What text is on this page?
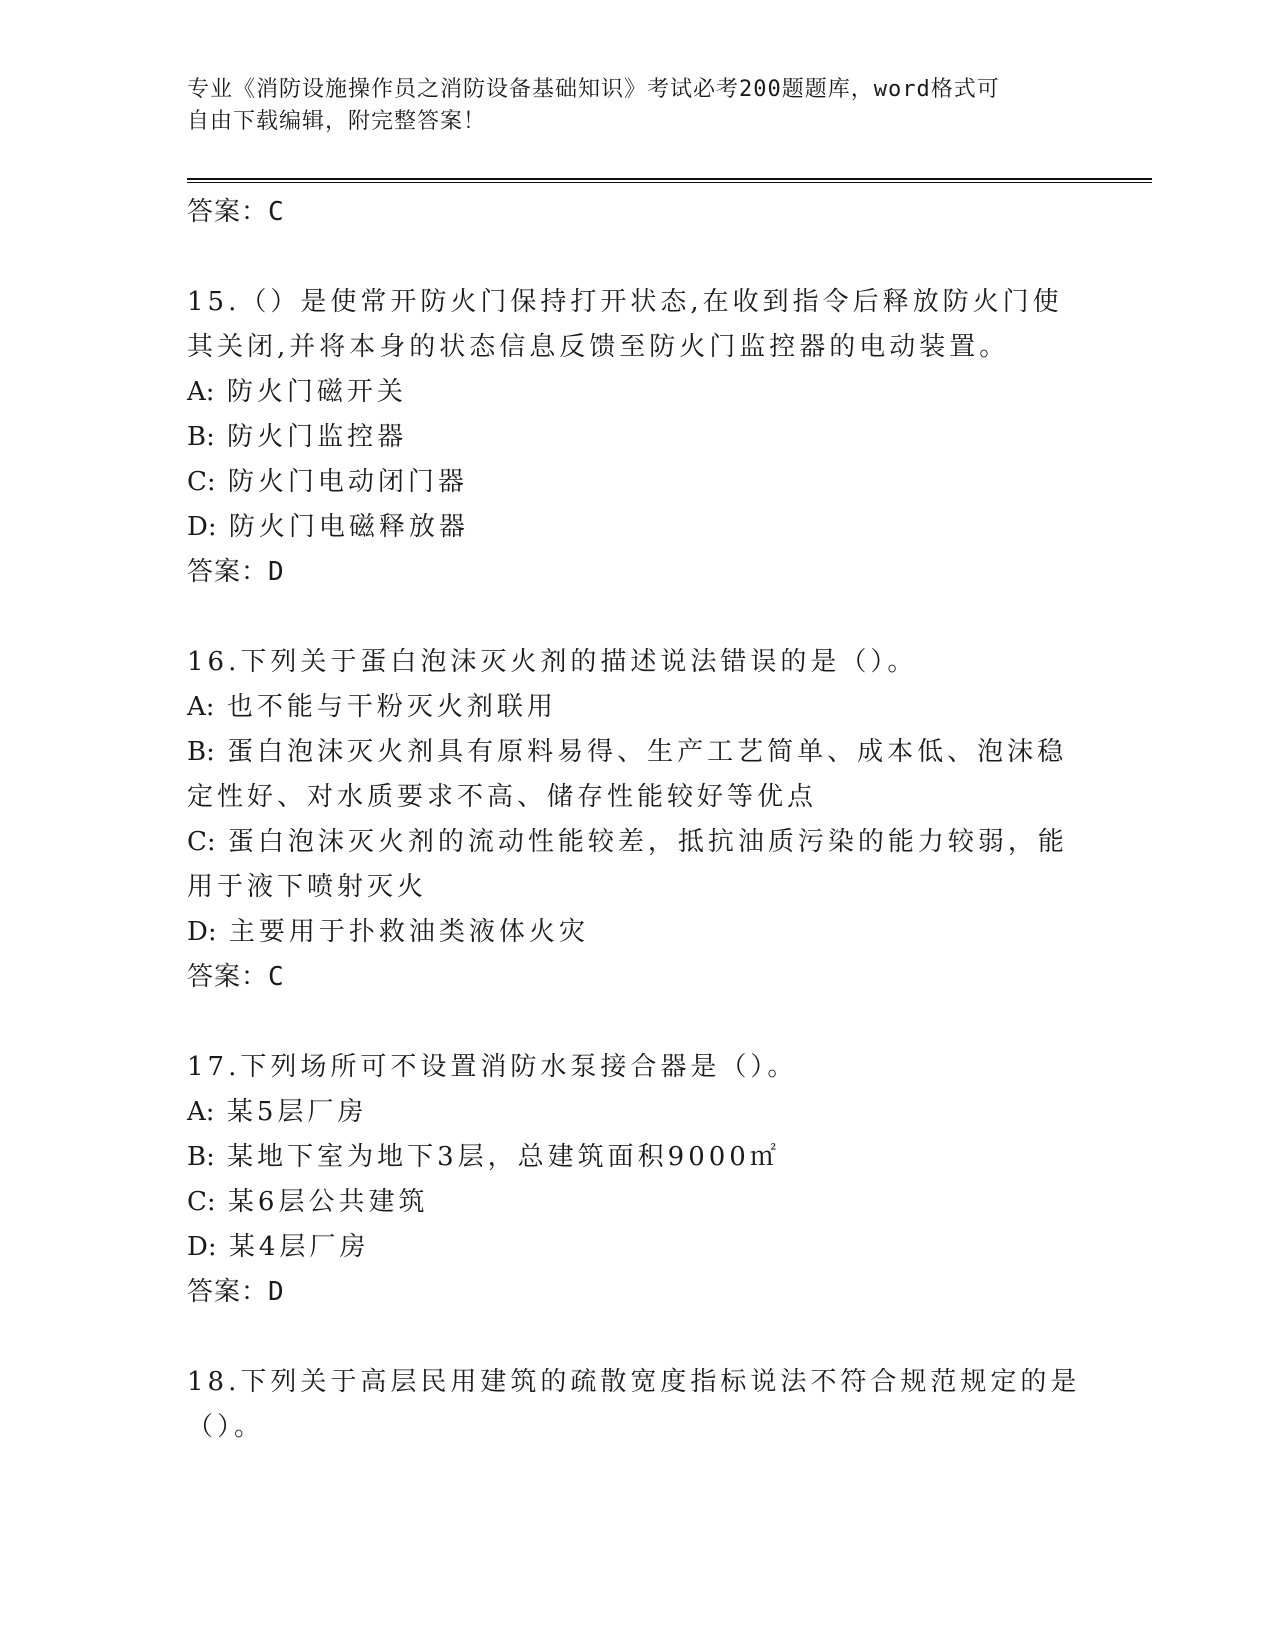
专业《消防设施操作员之消防设备基础知识》考试必考200题题库，word格式可
自由下载编辑，附完整答案！
答案：C
15.（）是使常开防火门保持打开状态,在收到指令后释放防火门使其关闭,并将本身的状态信息反馈至防火门监控器的电动装置。
A: 防火门磁开关
B: 防火门监控器
C: 防火门电动闭门器
D: 防火门电磁释放器
答案：D
16.下列关于蛋白泡沫灭火剂的描述说法错误的是（）。
A: 也不能与干粉灭火剂联用
B: 蛋白泡沫灭火剂具有原料易得、生产工艺简单、成本低、泡沫稳定性好、对水质要求不高、储存性能较好等优点
C: 蛋白泡沫灭火剂的流动性能较差，抵抗油质污染的能力较弱，能用于液下喷射灭火
D: 主要用于扑救油类液体火灾
答案：C
17.下列场所可不设置消防水泵接合器是（）。
A: 某5层厂房
B: 某地下室为地下3层，总建筑面积9000㎡
C: 某6层公共建筑
D: 某4层厂房
答案：D
18.下列关于高层民用建筑的疏散宽度指标说法不符合规范规定的是（）。
